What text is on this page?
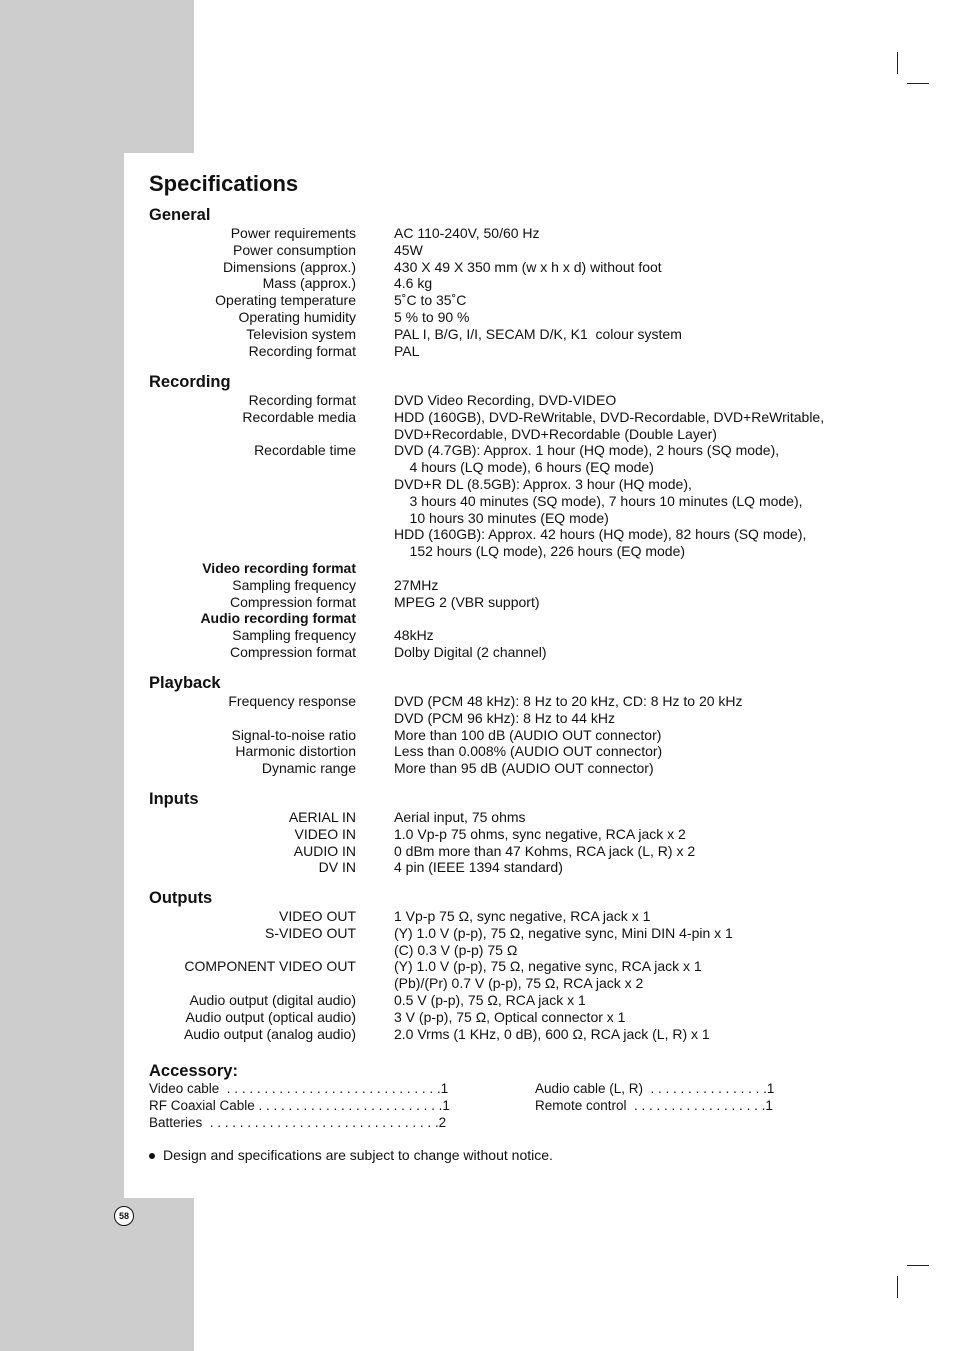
Specifications
General
Power requirements	AC 110-240V, 50/60 Hz
Power consumption	45W
Dimensions (approx.)	430 X 49 X 350 mm (w x h x d) without foot
Mass (approx.)	4.6 kg
Operating temperature	5˚C to 35˚C
Operating humidity	5 % to 90 %
Television system	PAL I, B/G, I/I, SECAM D/K, K1  colour system
Recording format	PAL
Recording
Recording format	DVD Video Recording, DVD-VIDEO
Recordable media	HDD (160GB), DVD-ReWritable, DVD-Recordable, DVD+ReWritable,
DVD+Recordable, DVD+Recordable (Double Layer)
Recordable time	DVD (4.7GB): Approx. 1 hour (HQ mode), 2 hours (SQ mode),
4 hours (LQ mode), 6 hours (EQ mode)
DVD+R DL (8.5GB): Approx. 3 hour (HQ mode),
3 hours 40 minutes (SQ mode), 7 hours 10 minutes (LQ mode),
10 hours 30 minutes (EQ mode)
HDD (160GB): Approx. 42 hours (HQ mode), 82 hours (SQ mode),
152 hours (LQ mode), 226 hours (EQ mode)
Video recording format
Sampling frequency	27MHz
Compression format	MPEG 2 (VBR support)
Audio recording format
Sampling frequency	48kHz
Compression format	Dolby Digital (2 channel)
Playback
Frequency response	DVD (PCM 48 kHz): 8 Hz to 20 kHz, CD: 8 Hz to 20 kHz
DVD (PCM 96 kHz): 8 Hz to 44 kHz
Signal-to-noise ratio	More than 100 dB (AUDIO OUT connector)
Harmonic distortion	Less than 0.008% (AUDIO OUT connector)
Dynamic range	More than 95 dB (AUDIO OUT connector)
Inputs
AERIAL IN	Aerial input, 75 ohms
VIDEO IN	1.0 Vp-p 75 ohms, sync negative, RCA jack x 2
AUDIO IN	0 dBm more than 47 Kohms, RCA jack (L, R) x 2
DV IN	4 pin (IEEE 1394 standard)
Outputs
VIDEO OUT	1 Vp-p 75 Ω, sync negative, RCA jack x 1
S-VIDEO OUT	(Y) 1.0 V (p-p), 75 Ω, negative sync, Mini DIN 4-pin x 1
(C) 0.3 V (p-p) 75 Ω
COMPONENT VIDEO OUT	(Y) 1.0 V (p-p), 75 Ω, negative sync, RCA jack x 1
(Pb)/(Pr) 0.7 V (p-p), 75 Ω, RCA jack x 2
Audio output (digital audio)	0.5 V (p-p), 75 Ω, RCA jack x 1
Audio output (optical audio)	3 V (p-p), 75 Ω, Optical connector x 1
Audio output (analog audio)	2.0 Vrms (1 KHz, 0 dB), 600 Ω, RCA jack (L, R) x 1
Accessory:
Video cable  . . . . . . . . . . . . . . . . . . . . . . . . . . . . .1	Audio cable (L, R)  . . . . . . . . . . . . . . . .1
RF Coaxial Cable . . . . . . . . . . . . . . . . . . . . . . . . .1	Remote control  . . . . . . . . . . . . . . . . . .1
Batteries  . . . . . . . . . . . . . . . . . . . . . . . . . . . . . . .2
Design and specifications are subject to change without notice.
58
